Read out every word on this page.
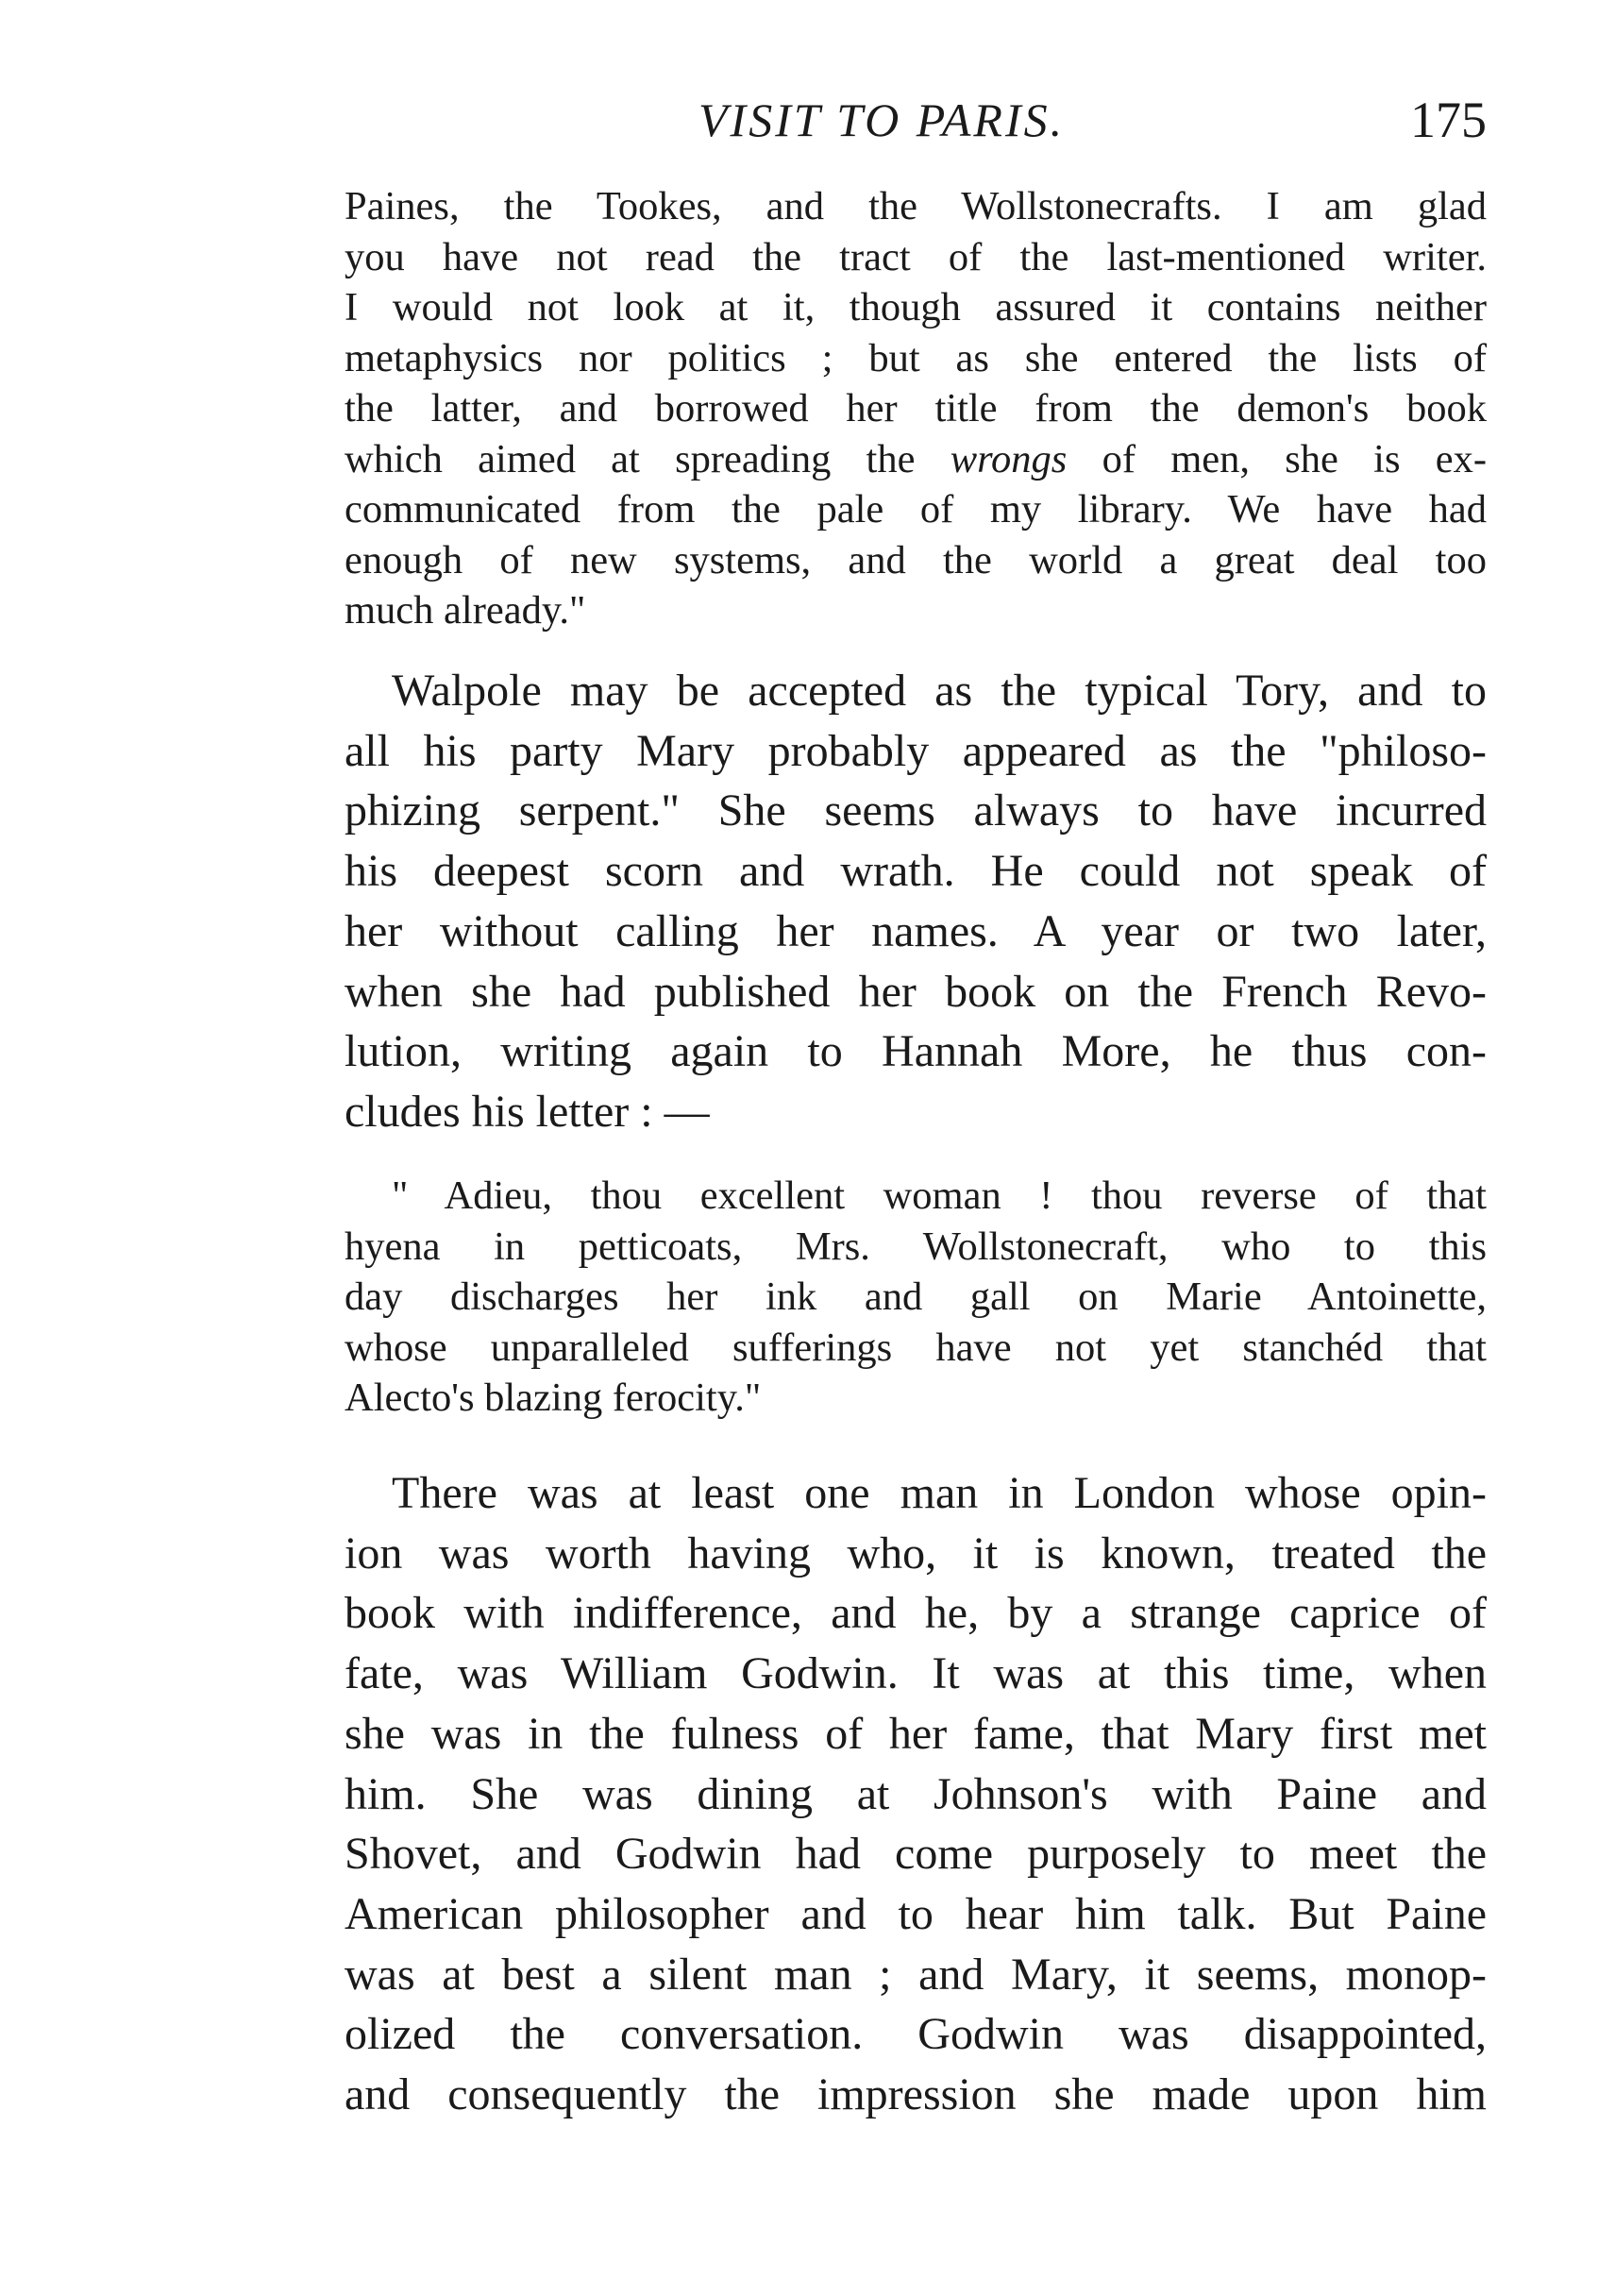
VISIT TO PARIS.	175
Paines, the Tookes, and the Wollstonecrafts. I am glad
you have not read the tract of the last-mentioned writer.
I would not look at it, though assured it contains neither
metaphysics nor politics ; but as she entered the lists of
the latter, and borrowed her title from the demon's book
which aimed at spreading the wrongs of men, she is ex-
communicated from the pale of my library. We have had
enough of new systems, and the world a great deal too
much already."
Walpole may be accepted as the typical Tory, and to
all his party Mary probably appeared as the "philoso-
phizing serpent." She seems always to have incurred
his deepest scorn and wrath. He could not speak of
her without calling her names. A year or two later,
when she had published her book on the French Revo-
lution, writing again to Hannah More, he thus con-
cludes his letter : —
" Adieu, thou excellent woman ! thou reverse of that
hyena in petticoats, Mrs. Wollstonecraft, who to this
day discharges her ink and gall on Marie Antoinette,
whose unparalleled sufferings have not yet stanchéd that
Alecto's blazing ferocity."
There was at least one man in London whose opin-
ion was worth having who, it is known, treated the
book with indifference, and he, by a strange caprice of
fate, was William Godwin. It was at this time, when
she was in the fulness of her fame, that Mary first met
him. She was dining at Johnson's with Paine and
Shovet, and Godwin had come purposely to meet the
American philosopher and to hear him talk. But Paine
was at best a silent man ; and Mary, it seems, monop-
olized the conversation. Godwin was disappointed,
and consequently the impression she made upon him
